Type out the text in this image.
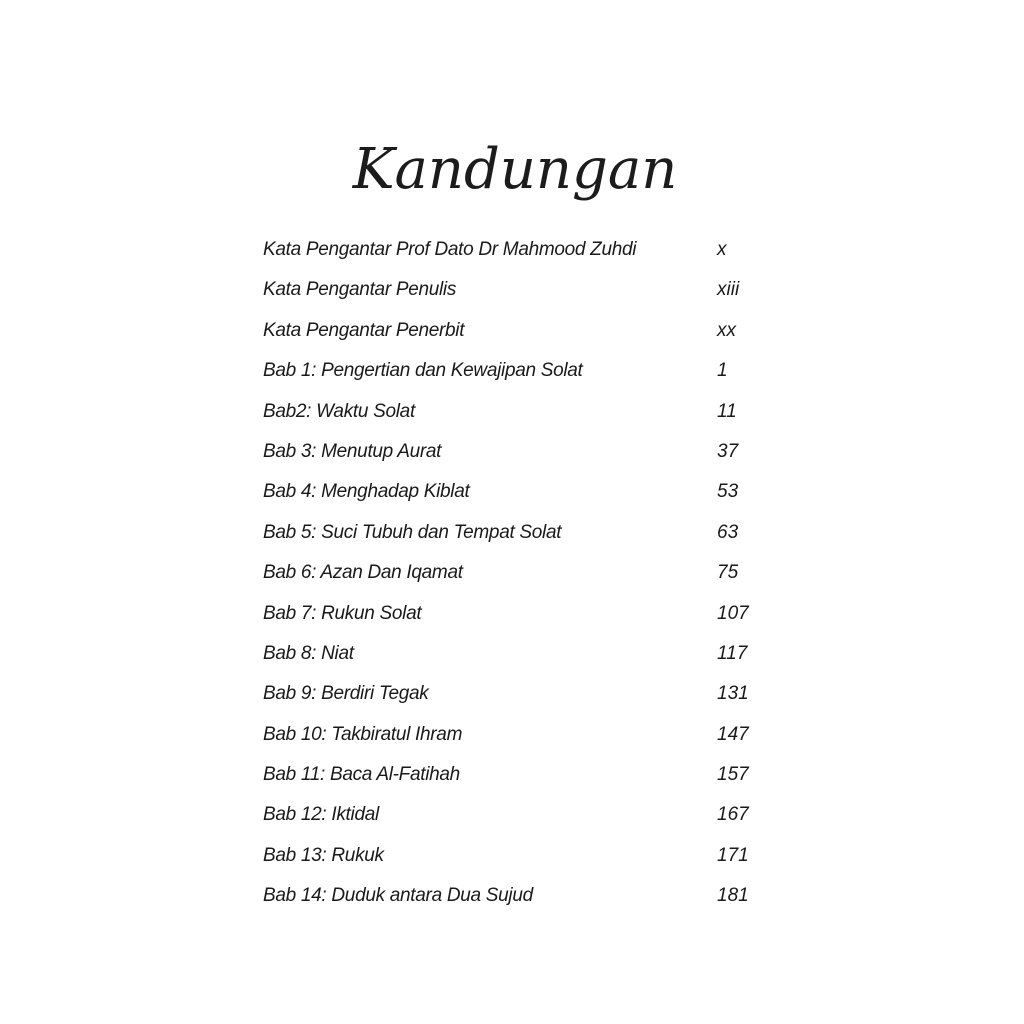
Kandungan
Kata Pengantar Prof Dato Dr Mahmood Zuhdi	x
Kata Pengantar Penulis	xiii
Kata Pengantar Penerbit	xx
Bab 1: Pengertian dan Kewajipan Solat	1
Bab2: Waktu Solat	11
Bab 3: Menutup Aurat	37
Bab 4: Menghadap Kiblat	53
Bab 5: Suci Tubuh dan Tempat Solat	63
Bab 6: Azan Dan Iqamat	75
Bab 7: Rukun Solat	107
Bab 8: Niat	117
Bab 9: Berdiri Tegak	131
Bab 10: Takbiratul Ihram	147
Bab 11: Baca Al-Fatihah	157
Bab 12: Iktidal	167
Bab 13: Rukuk	171
Bab 14: Duduk antara Dua Sujud	181
